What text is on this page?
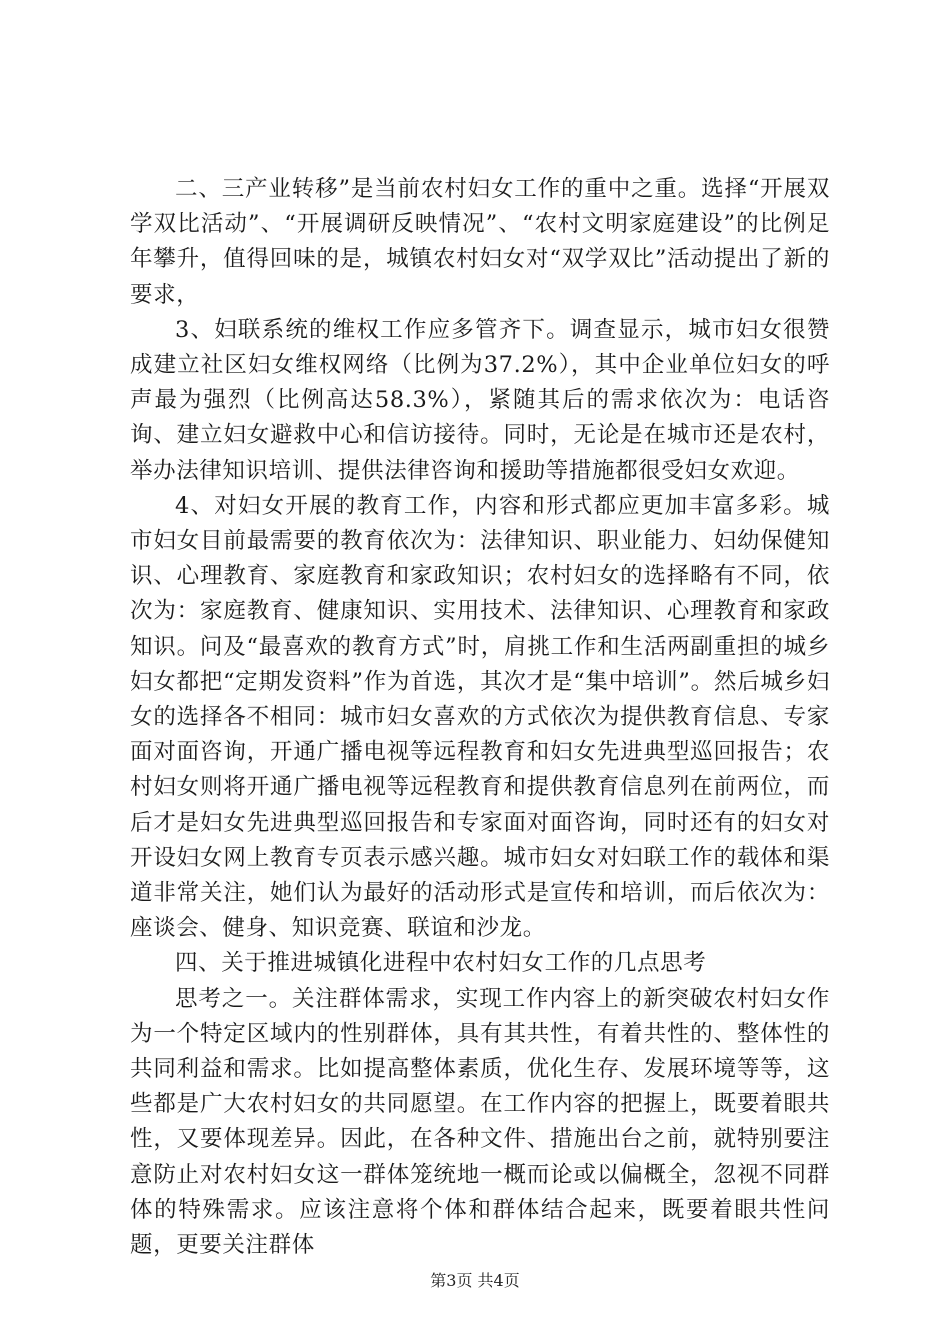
二、三产业转移”是当前农村妇女工作的重中之重。选择“开展双学双比活动”、“开展调研反映情况”、“农村文明家庭建设”的比例足年攀升，值得回味的是，城镇农村妇女对“双学双比”活动提出了新的要求，

3、妇联系统的维权工作应多管齐下。调查显示，城市妇女很赞成建立社区妇女维权网络（比例为37.2%），其中企业单位妇女的呼声最为强烈（比例高达58.3%），紧随其后的需求依次为：电话咨询、建立妇女避救中心和信访接待。同时，无论是在城市还是农村，举办法律知识培训、提供法律咨询和援助等措施都很受妇女欢迎。

4、对妇女开展的教育工作，内容和形式都应更加丰富多彩。城市妇女目前最需要的教育依次为：法律知识、职业能力、妇幼保健知识、心理教育、家庭教育和家政知识；农村妇女的选择略有不同，依次为：家庭教育、健康知识、实用技术、法律知识、心理教育和家政知识。问及“最喜欢的教育方式”时，肩挑工作和生活两副重担的城乡妇女都把“定期发资料”作为首选，其次才是“集中培训”。然后城乡妇女的选择各不相同：城市妇女喜欢的方式依次为提供教育信息、专家面对面咨询，开通广播电视等远程教育和妇女先进典型巡回报告；农村妇女则将开通广播电视等远程教育和提供教育信息列在前两位，而后才是妇女先进典型巡回报告和专家面对面咨询，同时还有的妇女对开设妇女网上教育专页表示感兴趣。城市妇女对妇联工作的载体和渠道非常关注，她们认为最好的活动形式是宣传和培训，而后依次为：座谈会、健身、知识竞赛、联谊和沙龙。

四、关于推进城镇化进程中农村妇女工作的几点思考

思考之一。关注群体需求，实现工作内容上的新突破农村妇女作为一个特定区域内的性别群体，具有其共性，有着共性的、整体性的共同利益和需求。比如提高整体素质，优化生存、发展环境等等，这些都是广大农村妇女的共同愿望。在工作内容的把握上，既要着眼共性，又要体现差异。因此，在各种文件、措施出台之前，就特别要注意防止对农村妇女这一群体笼统地一概而论或以偏概全，忽视不同群体的特殊需求。应该注意将个体和群体结合起来，既要着眼共性问题，更要关注群体

第3页 共4页
